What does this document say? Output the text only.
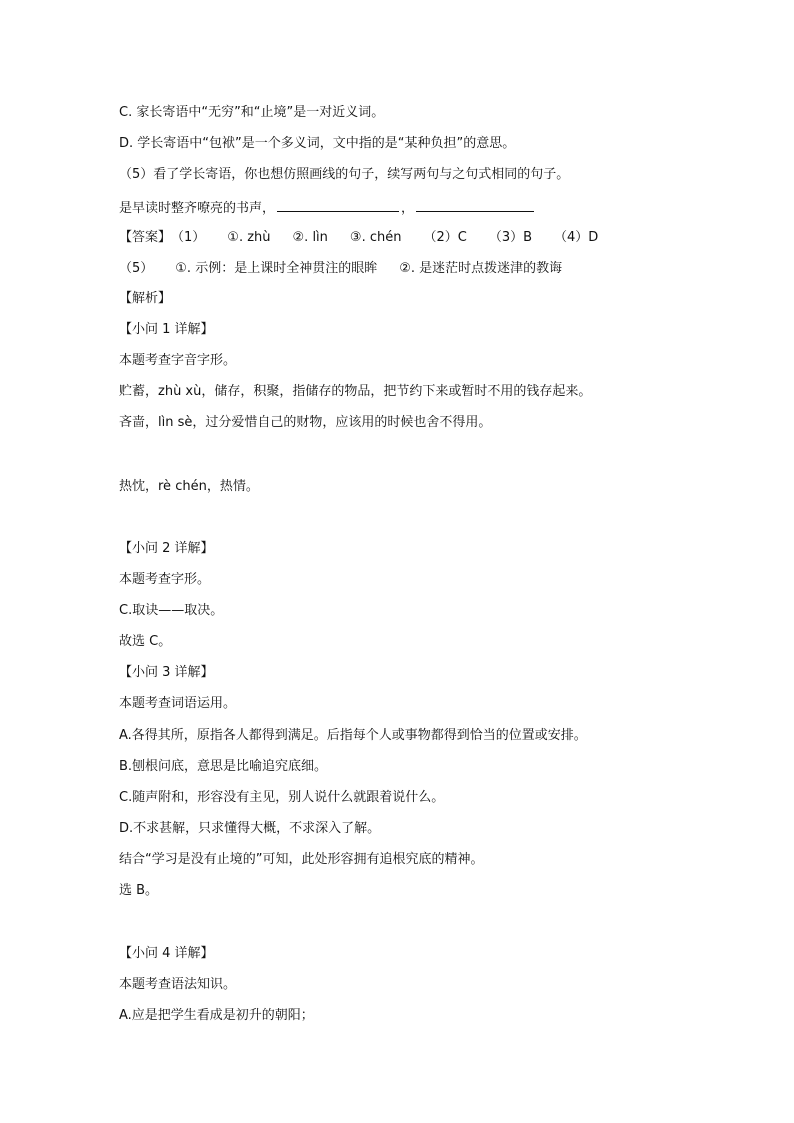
C. 家长寄语中“无穷”和“止境”是一对近义词。
D. 学长寄语中“包袱”是一个多义词，文中指的是“某种负担”的意思。
（5）看了学长寄语，你也想仿照画线的句子，续写两句与之句式相同的句子。
是早读时整齐嘹亮的书声，	，
【答案】（1） ①. zhù ②. lìn ③. chén （2）C （3）B （4）D
（5） ①. 示例：是上课时全神贯注的眼眸 ②. 是迷茫时点拨迷津的教诲
【解析】
【小问 1 详解】
本题考查字音字形。
贮蓄，zhù xù，储存，积聚，指储存的物品，把节约下来或暂时不用的钱存起来。
吝啬，lìn sè，过分爱惜自己的财物，应该用的时候也舍不得用。
热忱，rè chén，热情。
【小问 2 详解】
本题考查字形。
C.取诀——取决。
故选 C。
【小问 3 详解】
本题考查词语运用。
A.各得其所，原指各人都得到满足。后指每个人或事物都得到恰当的位置或安排。
B.刨根问底，意思是比喻追究底细。
C.随声附和，形容没有主见，别人说什么就跟着说什么。
D.不求甚解，只求懂得大概，不求深入了解。
结合“学习是没有止境的”可知，此处形容拥有追根究底的精神。
选 B。
【小问 4 详解】
本题考查语法知识。
A.应是把学生看成是初升的朝阳；
